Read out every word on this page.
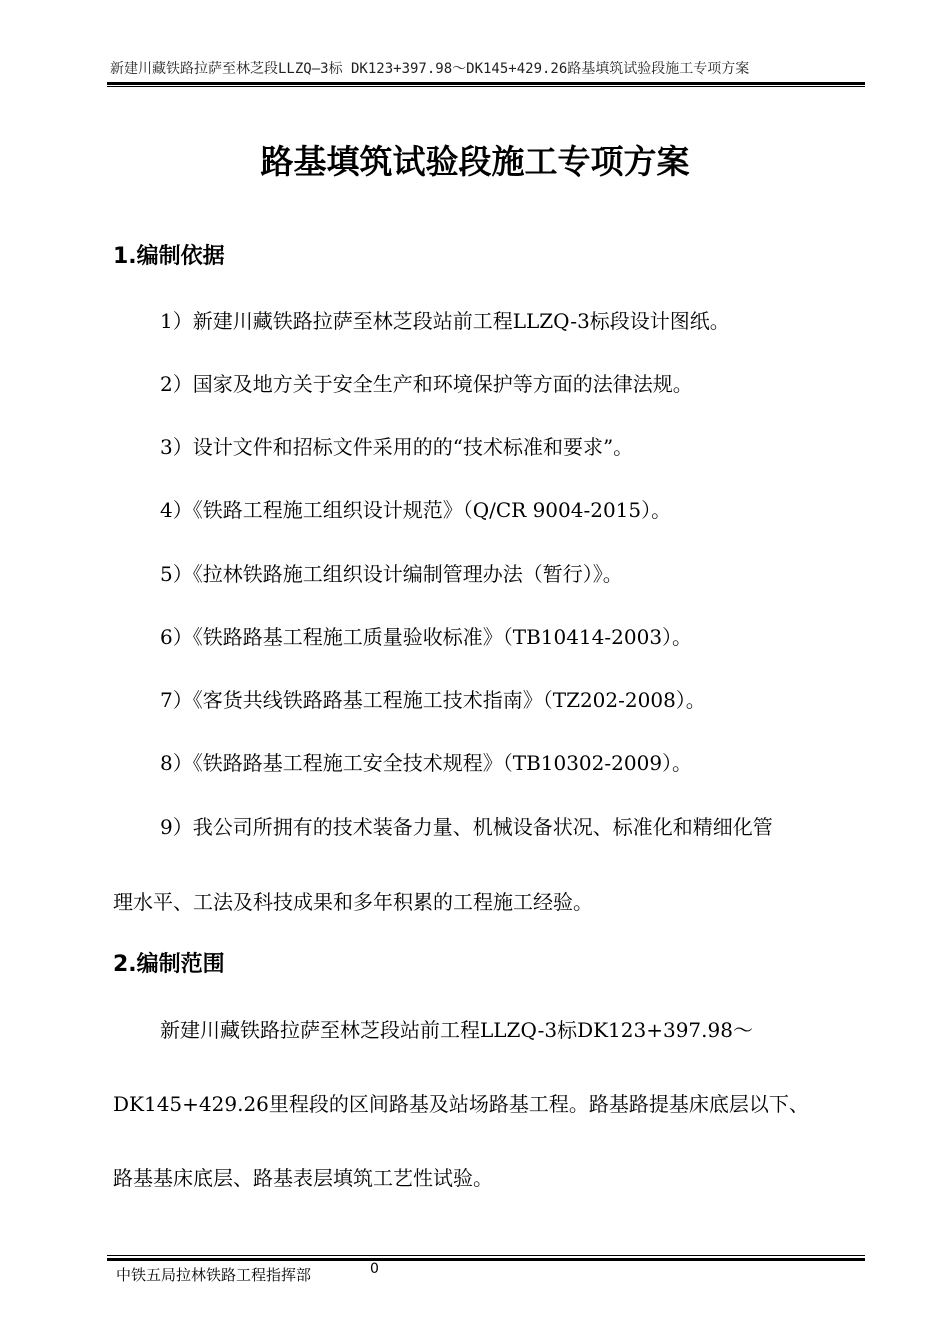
新建川藏铁路拉萨至林芝段LLZQ—3标 DK123+397.98～DK145+429.26路基填筑试验段施工专项方案
路基填筑试验段施工专项方案
1.编制依据
1）新建川藏铁路拉萨至林芝段站前工程LLZQ-3标段设计图纸。
2）国家及地方关于安全生产和环境保护等方面的法律法规。
3）设计文件和招标文件采用的的“技术标准和要求”。
4）《铁路工程施工组织设计规范》（Q/CR 9004-2015）。
5）《拉林铁路施工组织设计编制管理办法（暂行）》。
6）《铁路路基工程施工质量验收标准》（TB10414-2003）。
7）《客货共线铁路路基工程施工技术指南》（TZ202-2008）。
8）《铁路路基工程施工安全技术规程》（TB10302-2009）。
9）我公司所拥有的技术装备力量、机械设备状况、标准化和精细化管
理水平、工法及科技成果和多年积累的工程施工经验。
2.编制范围
新建川藏铁路拉萨至林芝段站前工程LLZQ-3标DK123+397.98～
DK145+429.26里程段的区间路基及站场路基工程。路基路提基床底层以下、
路基基床底层、路基表层填筑工艺性试验。
中铁五局拉林铁路工程指挥部	0
